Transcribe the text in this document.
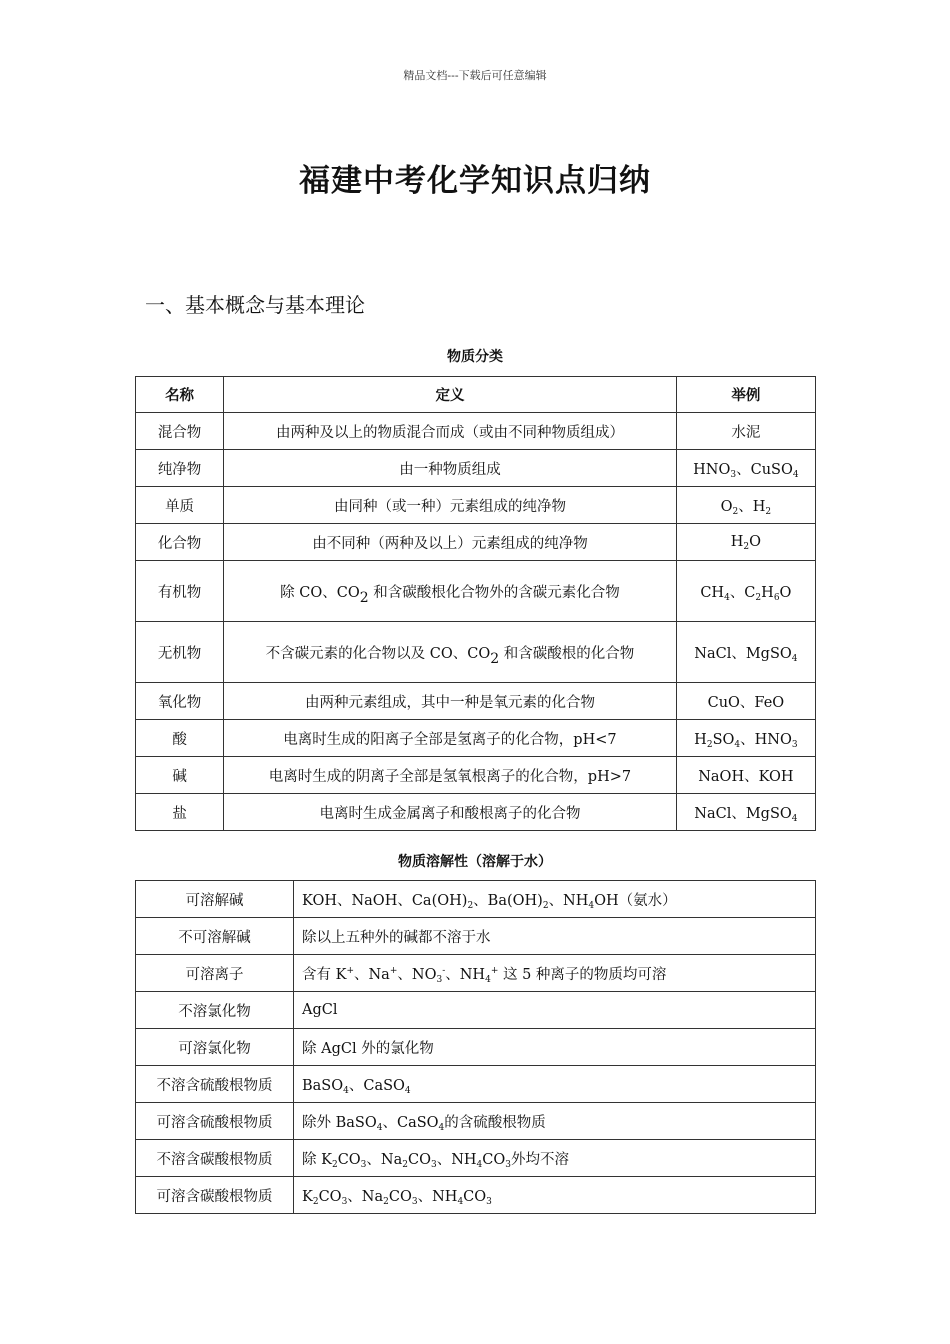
精品文档---下载后可任意编辑
福建中考化学知识点归纳
一、基本概念与基本理论
物质分类
名称	定义	举例
混合物	由两种及以上的物质混合而成（或由不同种物质组成）	水泥
纯净物	由一种物质组成	$HNO_3$、CuSO$_4$
单质	由同种（或一种）元素组成的纯净物	$O_2$、$H_2$
化合物	由不同种（两种及以上）元素组成的纯净物	$H_2O$
有机物	除 CO、$CO_2$ 和含碳酸根化合物外的含碳元素化合物	$CH_4$、$C_2H_6O$
无机物	不含碳元素的化合物以及 CO、$CO_2$ 和含碳酸根的化合物	NaCl、MgSO$_4$
氧化物	由两种元素组成，其中一种是氧元素的化合物	CuO、FeO
酸	电离时生成的阳离子全部是氢离子的化合物，pH<7	$H_2SO_4$、$HNO_3$
碱	电离时生成的阴离子全部是氢氧根离子的化合物，pH>7	NaOH、KOH
盐	电离时生成金属离子和酸根离子的化合物	NaCl、MgSO$_4$
物质溶解性（溶解于水）
可溶解碱	KOH、NaOH、$Ca(OH)_2$、$Ba(OH)_2$、$NH_4OH$（氨水）
不可溶解碱	除以上五种外的碱都不溶于水
可溶离子	含有 K+、Na+、$NO_3^-$、$NH_4^+$ 这 5 种离子的物质均可溶
不溶氯化物	AgCl
可溶氯化物	除 AgCl 外的氯化物
不溶含硫酸根物质	BaSO$_4$、CaSO$_4$
可溶含硫酸根物质	除外 BaSO$_4$、CaSO$_4$的含硫酸根物质
不溶含碳酸根物质	除 $K_2CO_3$、$Na_2CO_3$、$NH_4CO_3$外均不溶
可溶含碳酸根物质	$K_2CO_3$、$Na_2CO_3$、$NH_4CO_3$
